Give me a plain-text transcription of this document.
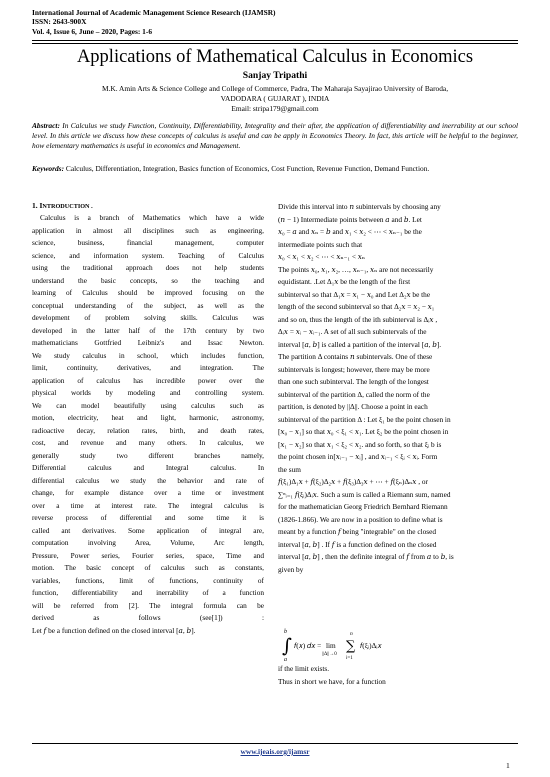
International Journal of Academic Management Science Research (IJAMSR)
ISSN: 2643-900X
Vol. 4, Issue 6, June – 2020, Pages: 1-6
Applications of Mathematical Calculus in Economics
Sanjay Tripathi
M.K. Amin Arts & Science College and College of Commerce, Padra, The Maharaja Sayajirao University of Baroda,
VADODARA ( GUJARAT ), INDIA
Email: stripa179@gmail.com
Abstract: In Calculus we study Function, Continuity, Differentiability, Integrality and their after, the application of differentiability and inerrability at our school level. In this article we discuss how these concepts of calculus is useful and can be apply in Economics Theory. In fact, this article will be helpful to the beginner, how elementary mathematics is useful in economics and Management.
Keywords: Calculus, Differentiation, Integration, Basics function of Economics, Cost Function, Revenue Function, Demand Function.
1. INTRODUCTION .
Calculus is a branch of Mathematics which have a wide
application in almost all disciplines such as engineering,
science, business, financial management, computer
science, and information system. Teaching of Calculus
using the traditional approach does not help students
understand the basic concepts, so the teaching and
learning of Calculus should be improved focusing on the
conceptual understanding of the subject, as well as the
development of problem solving skills. Calculus was
developed in the latter half of the 17th century by two
mathematicians Gottfried Leibniz's and Issac Newton.
We study calculus in school, which includes function,
limit, continuity, derivatives, and integration. The
application of calculus has incredible power over the
physical worlds by modeling and controlling system.
We can model beautifully using calculus such as
motion, electricity, heat and light, harmonic, astronomy,
radioactive decay, relation rates, birth, and death rates,
cost, and revenue and many others. In calculus, we
generally study two different branches namely,
Differential calculus and Integral calculus. In
differential calculus we study the behavior and rate of
change, for example distance over a time or investment
over a time at interest rate. The integral calculus is
reverse process of differential and some time it is
called ant derivatives. Some application of integral are,
computation involving Area, Volume, Arc length,
Pressure, Power series, Fourier series, space, Time and
motion. The basic concept of calculus such as constants,
variables, functions, limit of functions, continuity of
function, differentiability and inerrability of a function
will be referred from [2]. The integral formula can be
derived as follows (see[1]) :
Let 𝑓 be a function defined on the closed interval [𝑎, 𝑏].
Divide this interval into 𝑛 subintervals by choosing any
(𝑛 − 1) Intermediate points between 𝑎 and 𝑏. Let
𝑥₀ = 𝑎 and 𝑥ₙ = 𝑏 and 𝑥₁ < 𝑥₂ < ⋯ < 𝑥ₙ₋₁ be the
intermediate points such that
𝑥₀ < 𝑥₁ < 𝑥₂ < ⋯ < 𝑥ₙ₋₁ < 𝑥ₙ
The points 𝑥₀, 𝑥₁, 𝑥₂, …, 𝑥ₙ₋₁, 𝑥ₙ are not necessarily
equidistant. .Let Δ₁𝑥 be the length of the first
subinterval so that Δ₁𝑥 = 𝑥₁ − 𝑥₀ and Let Δ₂𝑥 be the
length of the second subinterval so that Δ₂𝑥 = 𝑥₂ − 𝑥₁
and so on, thus the length of the ith subinterval is Δᵢ𝑥 ,
Δᵢ𝑥 = 𝑥ᵢ − 𝑥ᵢ₋₁. A set of all such subintervals of the
interval [𝑎, 𝑏] is called a partition of the interval [𝑎, 𝑏].
The partition Δ contains 𝑛 subintervals. One of these
subintervals is longest; however, there may be more
than one such subinterval. The length of the longest
subinterval of the partition Δ, called the norm of the
partition, is denoted by ||Δ||. Choose a point in each
subinterval of the partition Δ : Let ξ₁ be the point chosen in
[𝑥₀ − 𝑥₁] so that 𝑥₀ < ξ₁ < 𝑥₁. Let ξ₂ be the point chosen in
[𝑥₁ − 𝑥₂] so that 𝑥₁ < ξ₂ < 𝑥₂. and so forth, so that ξᵢ b is
the point chosen in[𝑥ᵢ₋₁ − 𝑥ᵢ] , and 𝑥ᵢ₋₁ < ξᵢ < 𝑥ᵢ. Form
the sum
𝑓(ξ₁)Δ₁𝑥 + 𝑓(ξ₂)Δ₂𝑥 + 𝑓(ξ₃)Δ₃𝑥 + ⋯ + 𝑓(ξₙ)Δₙ𝑥 , or
∑ⁿᵢ₌₁ 𝑓(ξᵢ)Δᵢ𝑥. Such a sum is called a Riemann sum, named
for the mathematician Georg Friedrich Bernhard Riemann
(1826-1.866). We are now in a position to define what is
meant by a function 𝑓 being "integrable" on the closed
interval [𝑎, 𝑏] . If 𝑓 is a function defined on the closed
interval [𝑎, 𝑏] , then the definite integral of 𝑓 from 𝑎 to 𝑏, is
given by
b
∫
a
𝑓(𝑥) 𝑑𝑥 = lim
||Δ||→0
n
∑
i=1
𝑓(ξᵢ)Δᵢ𝑥
if the limit exists.
Thus in short we have, for a function
www.ijeais.org/ijamsr
1
